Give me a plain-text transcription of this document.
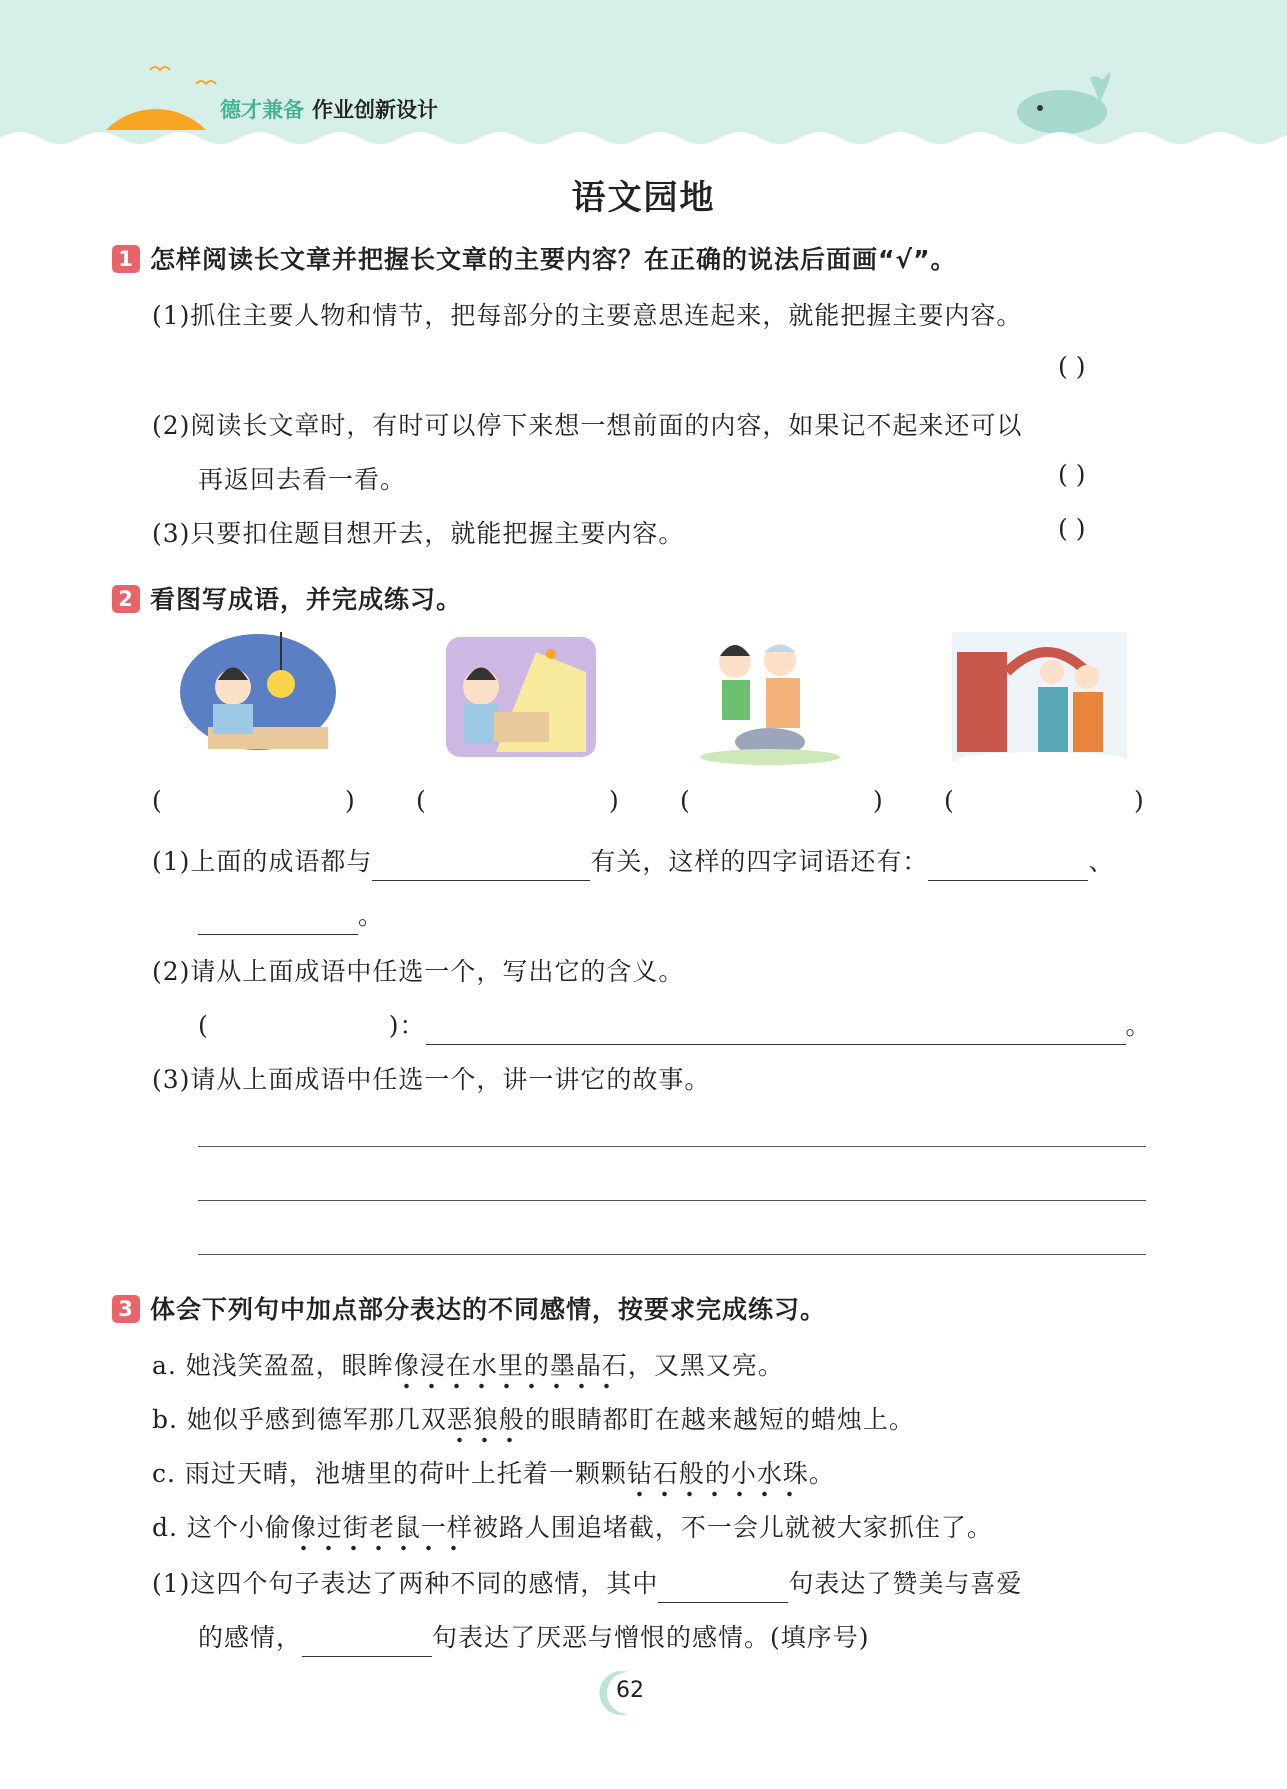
德才兼备 作业创新设计
语文园地
1 怎样阅读长文章并把握长文章的主要内容？在正确的说法后面画“√”。
(1)抓住主要人物和情节，把每部分的主要意思连起来，就能把握主要内容。
( )
(2)阅读长文章时，有时可以停下来想一想前面的内容，如果记不起来还可以
再返回去看一看。	( )
(3)只要扣住题目想开去，就能把握主要内容。	( )
2 看图写成语，并完成练习。
(	) (	) (	) (	)
(1)上面的成语都与	有关，这样的四字词语还有：	、
。
(2)请从上面成语中任选一个，写出它的含义。
(	)：	。
(3)请从上面成语中任选一个，讲一讲它的故事。
3 体会下列句中加点部分表达的不同感情，按要求完成练习。
a. 她浅笑盈盈，眼眸像浸在水里的墨晶石，又黑又亮。
b. 她似乎感到德军那几双恶狼般的眼睛都盯在越来越短的蜡烛上。
c. 雨过天晴，池塘里的荷叶上托着一颗颗钻石般的小水珠。
d. 这个小偷像过街老鼠一样被路人围追堵截，不一会儿就被大家抓住了。
(1)这四个句子表达了两种不同的感情，其中	句表达了赞美与喜爱
的感情，	句表达了厌恶与憎恨的感情。(填序号)
62
